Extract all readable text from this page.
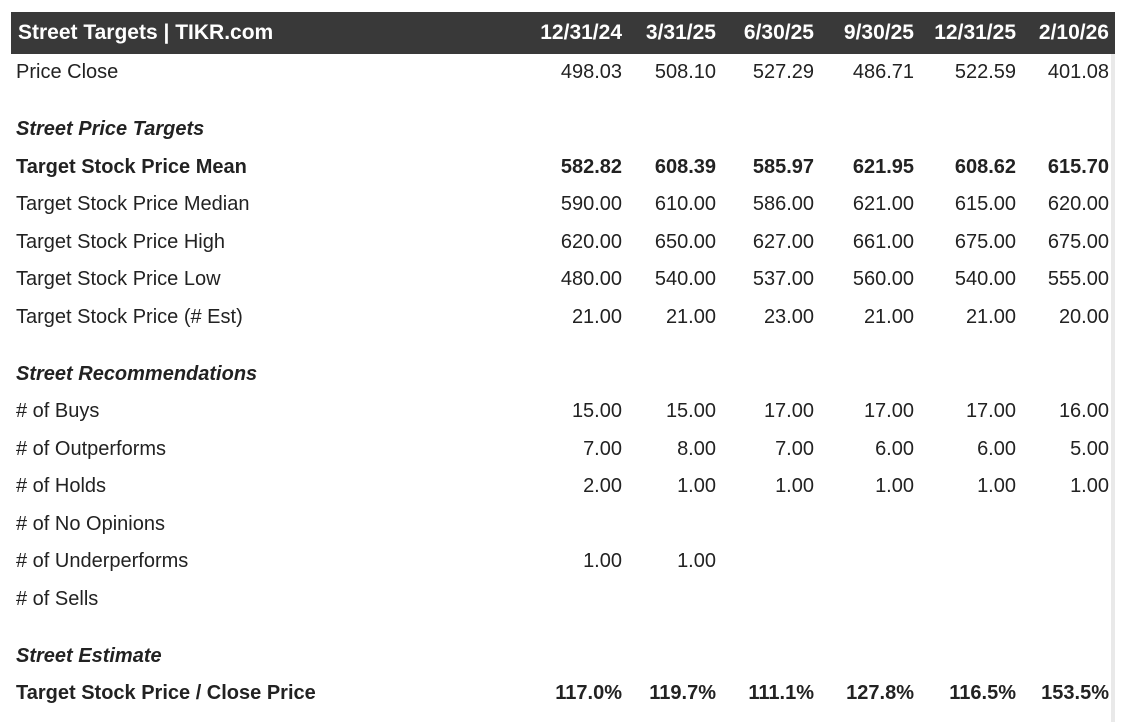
Street Targets | TIKR.com	12/31/24 3/31/25 6/30/25 9/30/25 12/31/25 2/10/26
Price Close	498.03 508.10 527.29 486.71 522.59 401.08
Street Price Targets
Target Stock Price Mean	582.82 608.39 585.97 621.95 608.62 615.70
Target Stock Price Median	590.00 610.00 586.00 621.00 615.00 620.00
Target Stock Price High	620.00 650.00 627.00 661.00 675.00 675.00
Target Stock Price Low	480.00 540.00 537.00 560.00 540.00 555.00
Target Stock Price (# Est)	21.00 21.00 23.00 21.00	21.00 20.00
Street Recommendations
# of Buys	15.00 15.00 17.00 17.00	17.00 16.00
# of Outperforms	7.00	8.00	7.00	6.00	6.00	5.00
# of Holds	2.00	1.00	1.00	1.00	1.00	1.00
# of No Opinions
# of Underperforms	1.00	1.00
# of Sells
Street Estimate
Target Stock Price / Close Price	117.0% 119.7% 111.1% 127.8% 116.5% 153.5%
